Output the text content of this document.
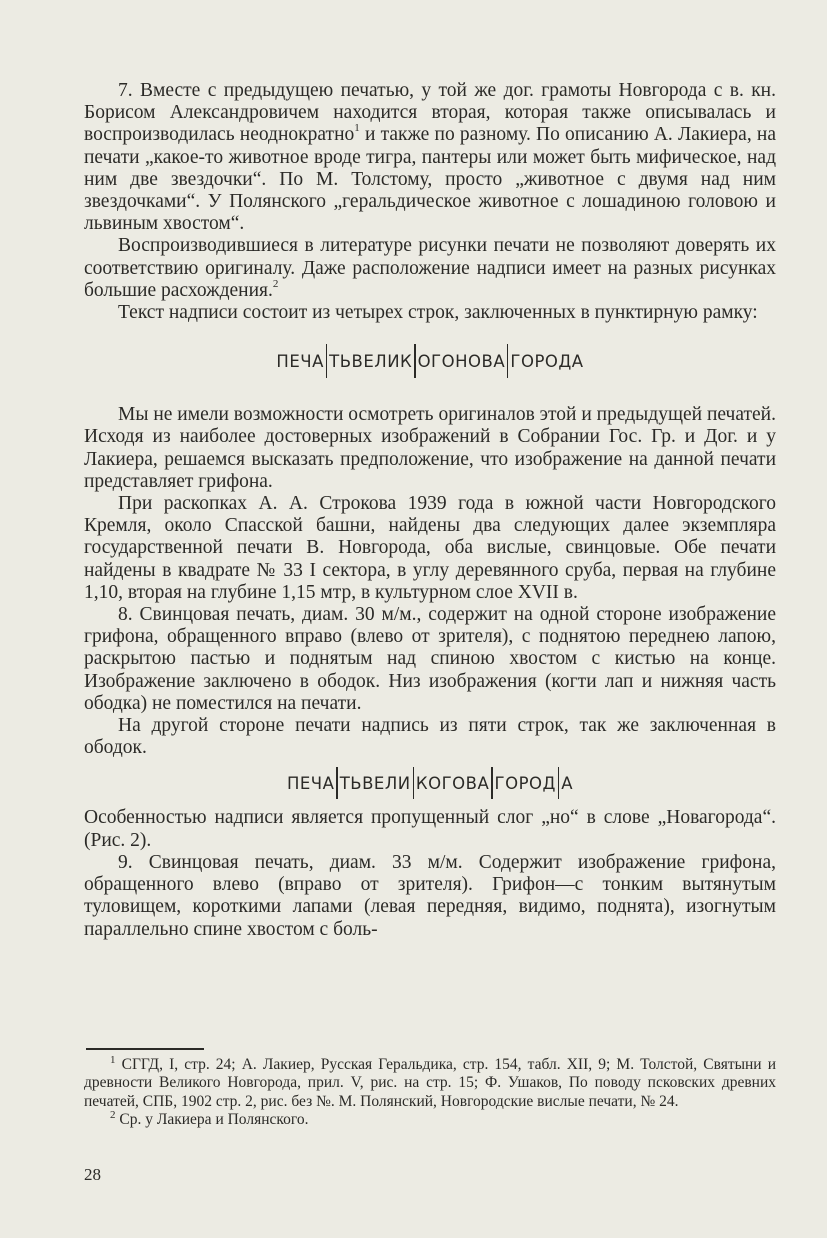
7. Вместе с предыдущею печатью, у той же дог. грамоты Новгорода с в. кн. Борисом Александровичем находится вторая, которая также описывалась и воспроизводилась неоднократно$^1$ и также по разному. По описанию А. Лакиера, на печати „какое-то животное вроде тигра, пантеры или может быть мифическое, над ним две звездочки“. По М. Толстому, просто „животное с двумя над ним звездочками“. У Полянского „геральдическое животное с лошадиною головою и львиным хвостом“.

Воспроизводившиеся в литературе рисунки печати не позволяют доверять их соответствию оригиналу. Даже расположение надписи имеет на разных рисунках большие расхождения.$^2$

Текст надписи состоит из четырех строк, заключенных в пунктирную рамку:

ПЕЧА ТЬВЕЛИК ОГОНОВА ГОРОДА

Мы не имели возможности осмотреть оригиналов этой и предыдущей печатей. Исходя из наиболее достоверных изображений в Собрании Гос. Гр. и Дог. и у Лакиера, решаемся высказать предположение, что изображение на данной печати представляет грифона.

При раскопках А. А. Строкова 1939 года в южной части Новгородского Кремля, около Спасской башни, найдены два следующих далее экземпляра государственной печати В. Новгорода, оба вислые, свинцовые. Обе печати найдены в квадрате № 33 I сектора, в углу деревянного сруба, первая на глубине 1,10, вторая на глубине 1,15 мтр, в культурном слое XVII в.

8. Свинцовая печать, диам. 30 м/м., содержит на одной стороне изображение грифона, обращенного вправо (влево от зрителя), с поднятою переднею лапою, раскрытою пастью и поднятым над спиною хвостом с кистью на конце. Изображение заключено в ободок. Низ изображения (когти лап и нижняя часть ободка) не поместился на печати.

На другой стороне печати надпись из пяти строк, так же заключенная в ободок.

ПЕЧА ТЬВЕЛИ КОГОВА ГОРОД А

Особенностью надписи является пропущенный слог „но“ в слове „Новагорода“. (Рис. 2).

9. Свинцовая печать, диам. 33 м/м. Содержит изображение грифона, обращенного влево (вправо от зрителя). Грифон—с тонким вытянутым туловищем, короткими лапами (левая передняя, видимо, поднята), изогнутым параллельно спине хвостом с боль-

$^1$ СГГД, I, стр. 24; А. Лакиер, Русская Геральдика, стр. 154, табл. XII, 9; М. Толстой, Святыни и древности Великого Новгорода, прил. V, рис. на стр. 15; Ф. Ушаков, По поводу псковских древних печатей, СПБ, 1902 стр. 2, рис. без №. М. Полянский, Новгородские вислые печати, № 24.

$^2$ Ср. у Лакиера и Полянского.

28
